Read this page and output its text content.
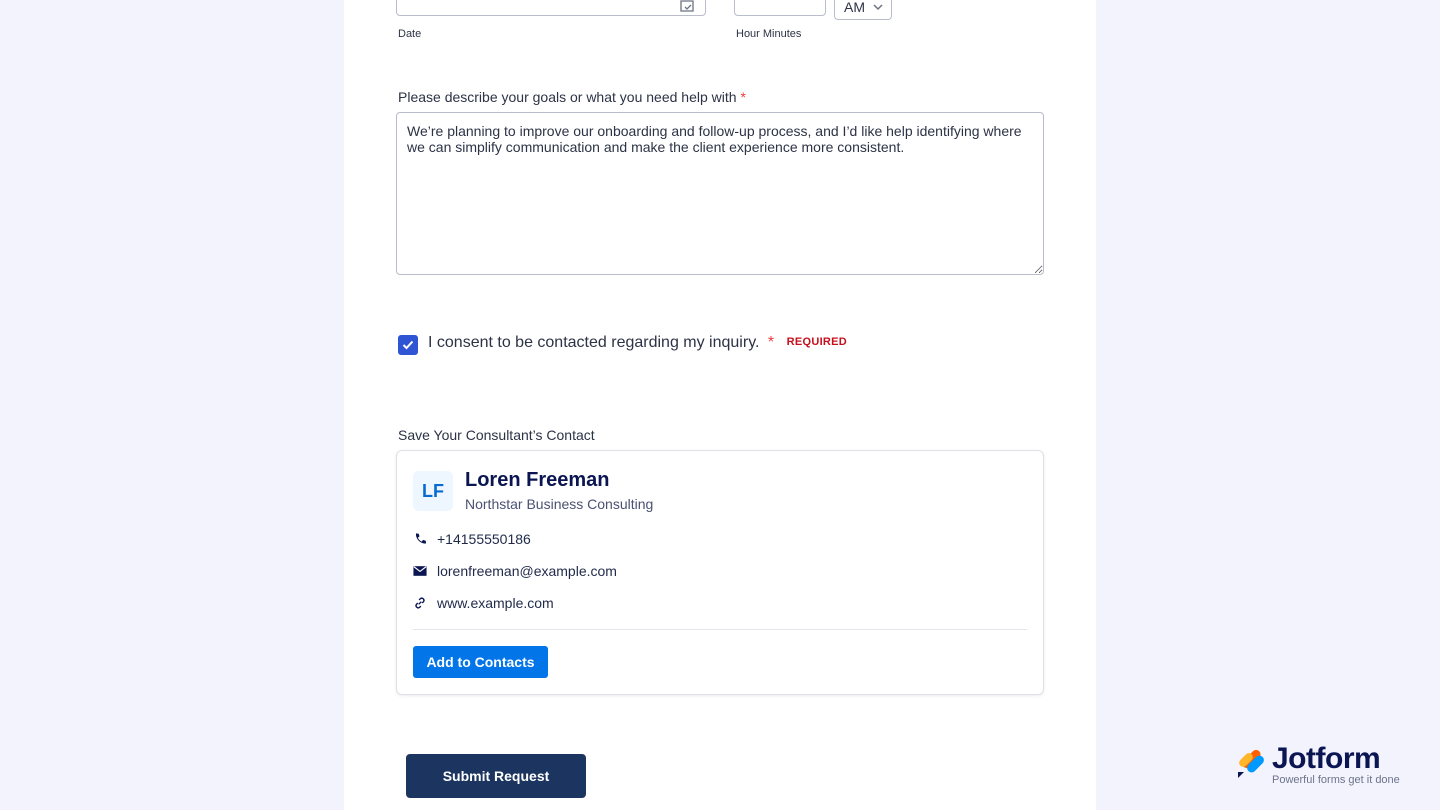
Date
AM
Hour Minutes
Please describe your goals or what you need help with *
We’re planning to improve our onboarding and follow-up process, and I’d like help identifying where we can simplify communication and make the client experience more consistent.
I consent to be contacted regarding my inquiry. * REQUIRED
Save Your Consultant’s Contact
LF	Loren Freeman
Northstar Business Consulting
+14155550186
lorenfreeman@example.com
www.example.com
Add to Contacts
Submit Request
Jotform
Powerful forms get it done
